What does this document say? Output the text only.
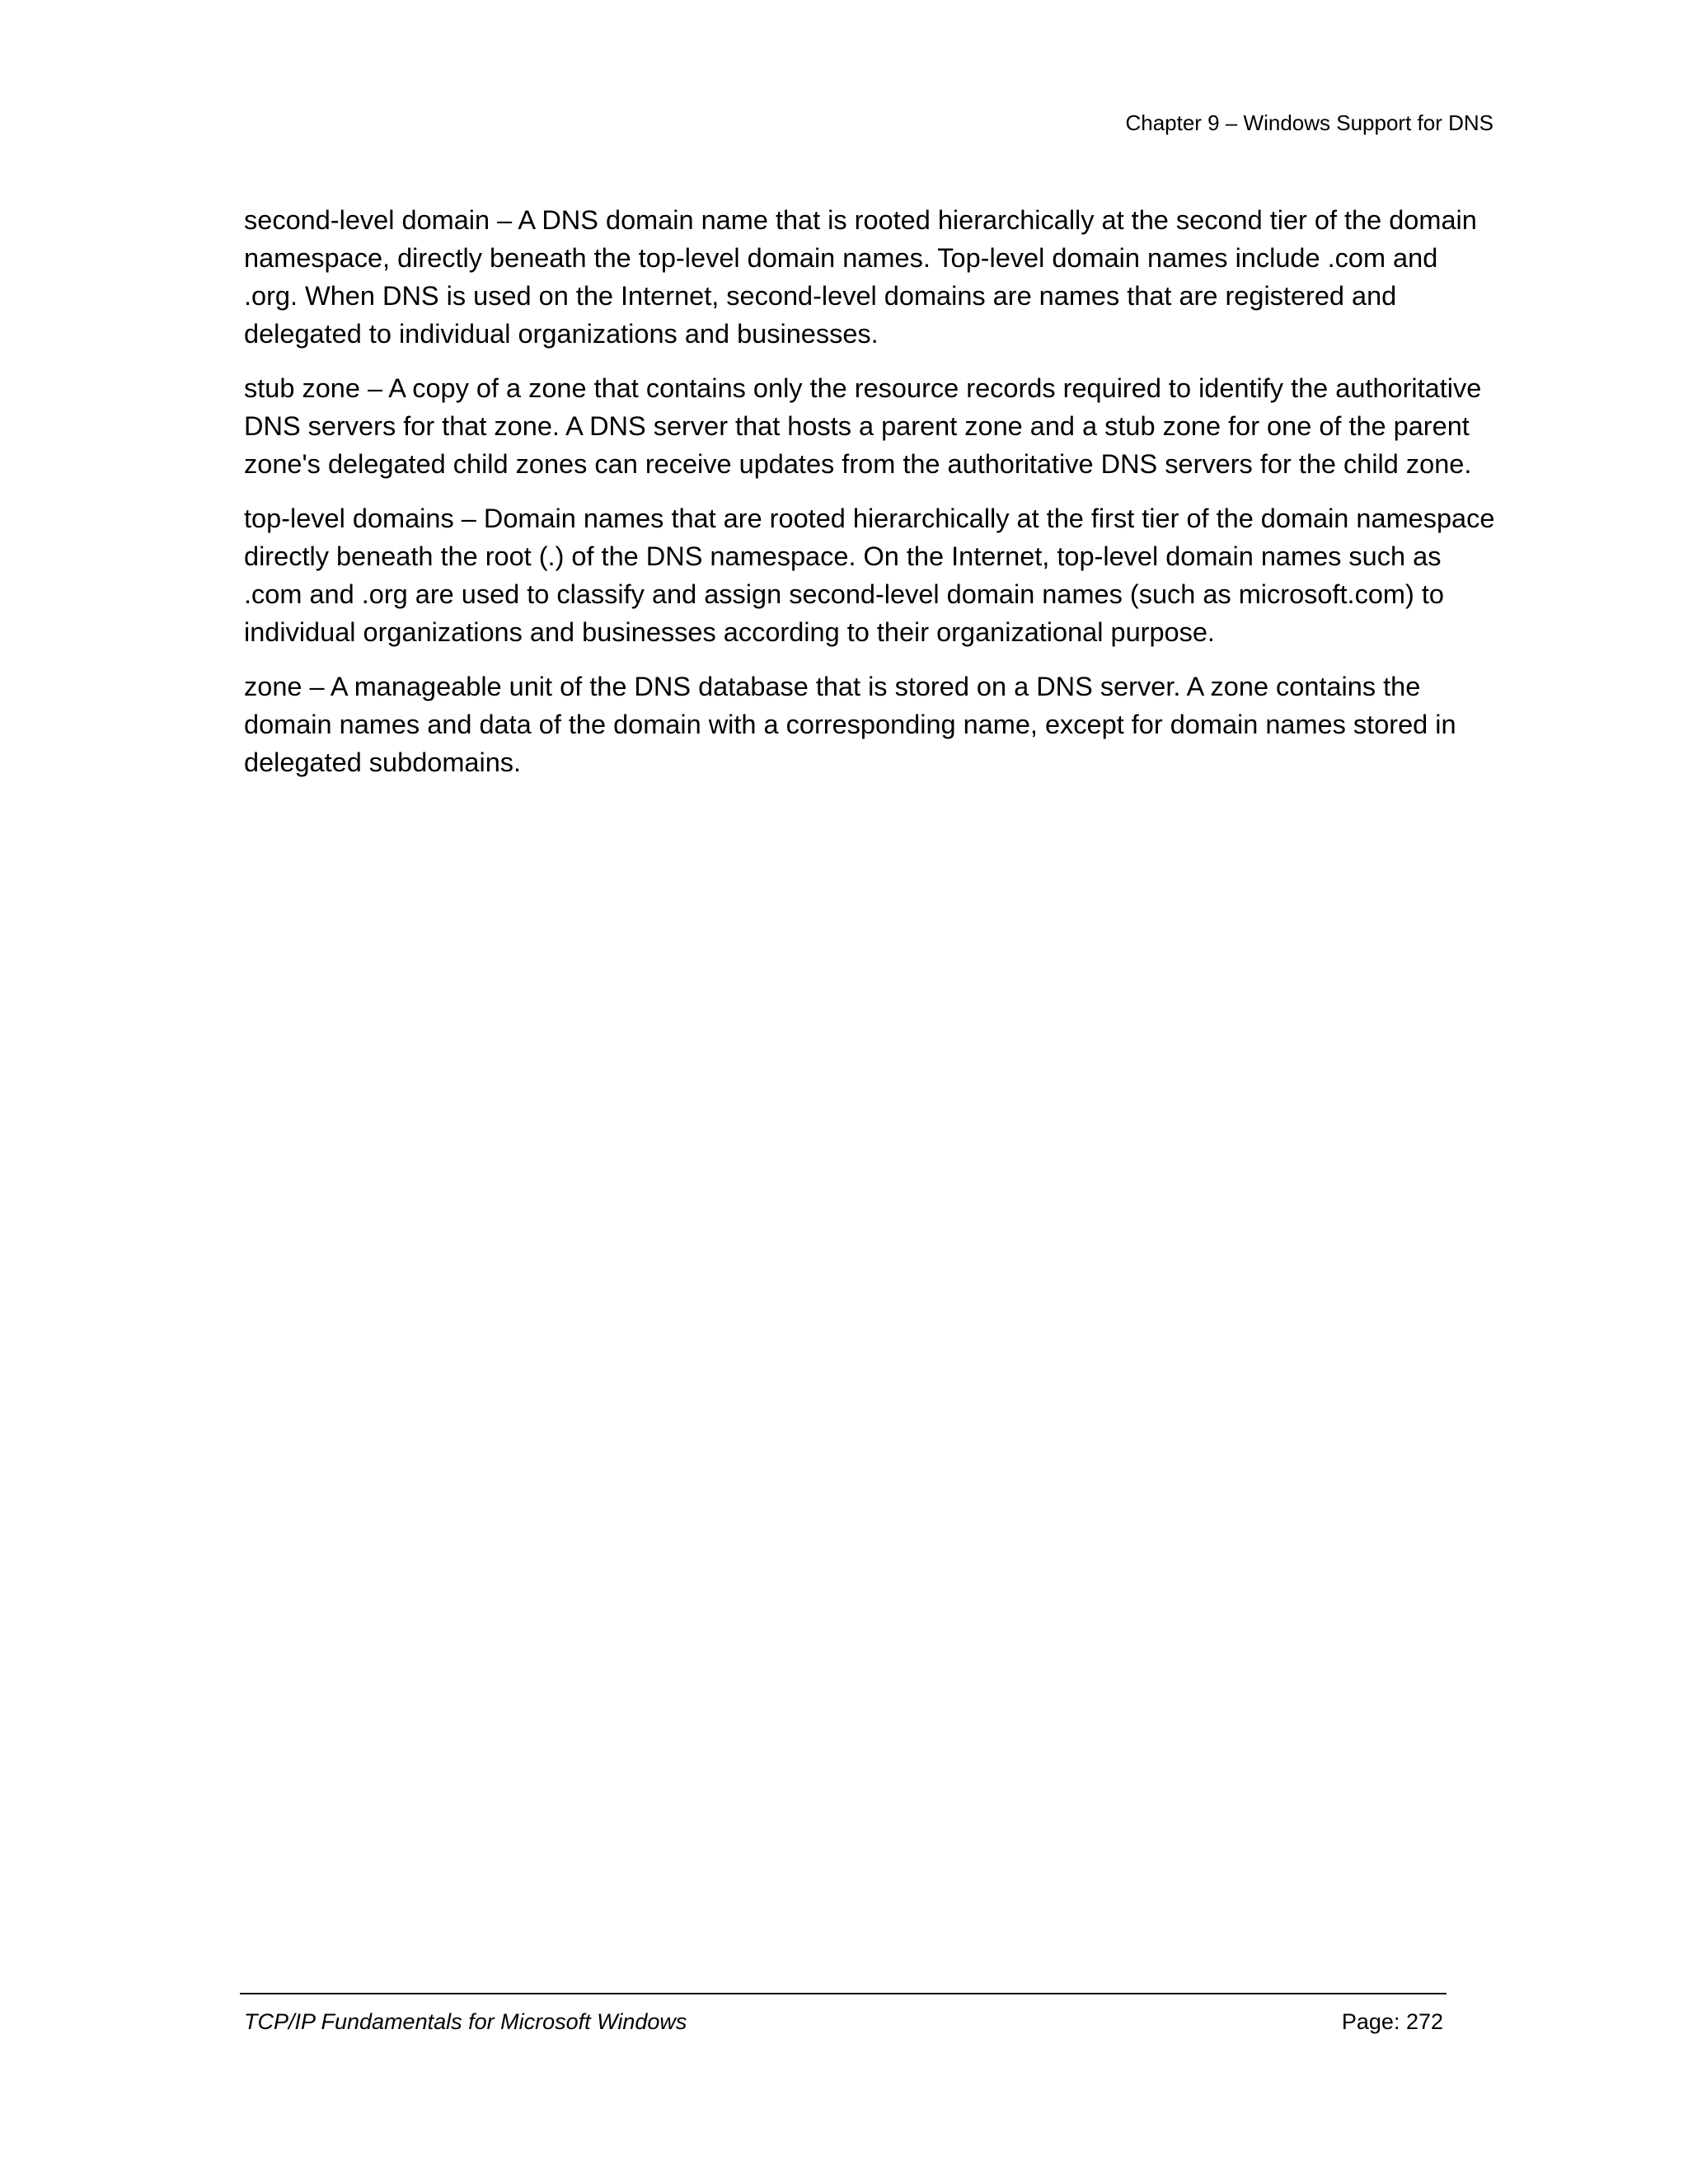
Chapter 9 – Windows Support for DNS

second-level domain – A DNS domain name that is rooted hierarchically at the second tier of the domain namespace, directly beneath the top-level domain names. Top-level domain names include .com and .org. When DNS is used on the Internet, second-level domains are names that are registered and delegated to individual organizations and businesses.

stub zone – A copy of a zone that contains only the resource records required to identify the authoritative DNS servers for that zone. A DNS server that hosts a parent zone and a stub zone for one of the parent zone's delegated child zones can receive updates from the authoritative DNS servers for the child zone.

top-level domains – Domain names that are rooted hierarchically at the first tier of the domain namespace directly beneath the root (.) of the DNS namespace. On the Internet, top-level domain names such as .com and .org are used to classify and assign second-level domain names (such as microsoft.com) to individual organizations and businesses according to their organizational purpose.

zone – A manageable unit of the DNS database that is stored on a DNS server. A zone contains the domain names and data of the domain with a corresponding name, except for domain names stored in delegated subdomains.

TCP/IP Fundamentals for Microsoft Windows	Page: 272
